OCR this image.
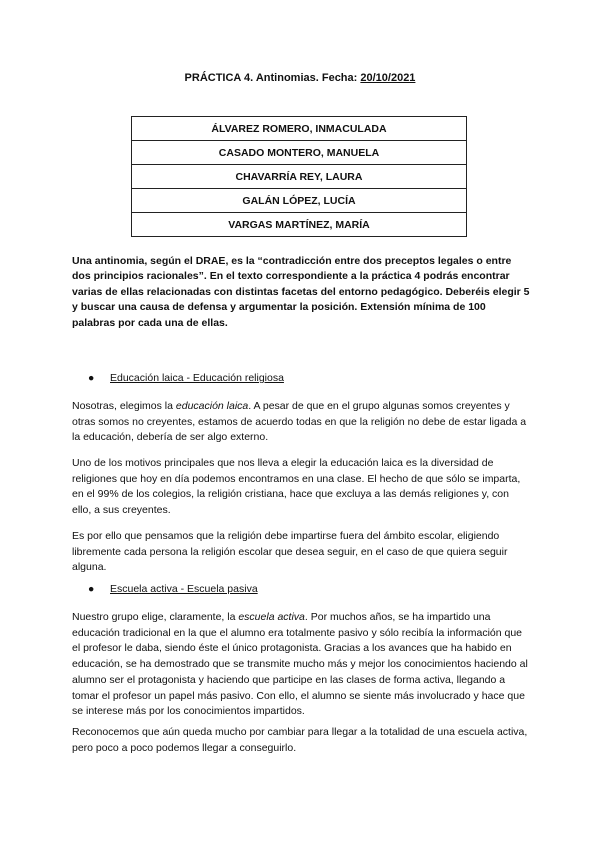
PRÁCTICA 4. Antinomias. Fecha: 20/10/2021
ÁLVAREZ ROMERO, INMACULADA
CASADO MONTERO, MANUELA
CHAVARRÍA REY, LAURA
GALÁN LÓPEZ, LUCÍA
VARGAS MARTÍNEZ, MARÍA

Una antinomia, según el DRAE, es la “contradicción entre dos preceptos legales o entre dos principios racionales”. En el texto correspondiente a la práctica 4 podrás encontrar varias de ellas relacionadas con distintas facetas del entorno pedagógico. Deberéis elegir 5 y buscar una causa de defensa y argumentar la posición. Extensión mínima de 100 palabras por cada una de ellas.

● Educación laica - Educación religiosa

Nosotras, elegimos la educación laica. A pesar de que en el grupo algunas somos creyentes y otras somos no creyentes, estamos de acuerdo todas en que la religión no debe de estar ligada a la educación, debería de ser algo externo.

Uno de los motivos principales que nos lleva a elegir la educación laica es la diversidad de religiones que hoy en día podemos encontramos en una clase. El hecho de que sólo se imparta, en el 99% de los colegios, la religión cristiana, hace que excluya a las demás religiones y, con ello, a sus creyentes.

Es por ello que pensamos que la religión debe impartirse fuera del ámbito escolar, eligiendo libremente cada persona la religión escolar que desea seguir, en el caso de que quiera seguir alguna.

● Escuela activa - Escuela pasiva

Nuestro grupo elige, claramente, la escuela activa. Por muchos años, se ha impartido una educación tradicional en la que el alumno era totalmente pasivo y sólo recibía la información que el profesor le daba, siendo éste el único protagonista. Gracias a los avances que ha habido en educación, se ha demostrado que se transmite mucho más y mejor los conocimientos haciendo al alumno ser el protagonista y haciendo que participe en las clases de forma activa, llegando a tomar el profesor un papel más pasivo. Con ello, el alumno se siente más involucrado y hace que se interese más por los conocimientos impartidos.

Reconocemos que aún queda mucho por cambiar para llegar a la totalidad de una escuela activa, pero poco a poco podemos llegar a conseguirlo.
